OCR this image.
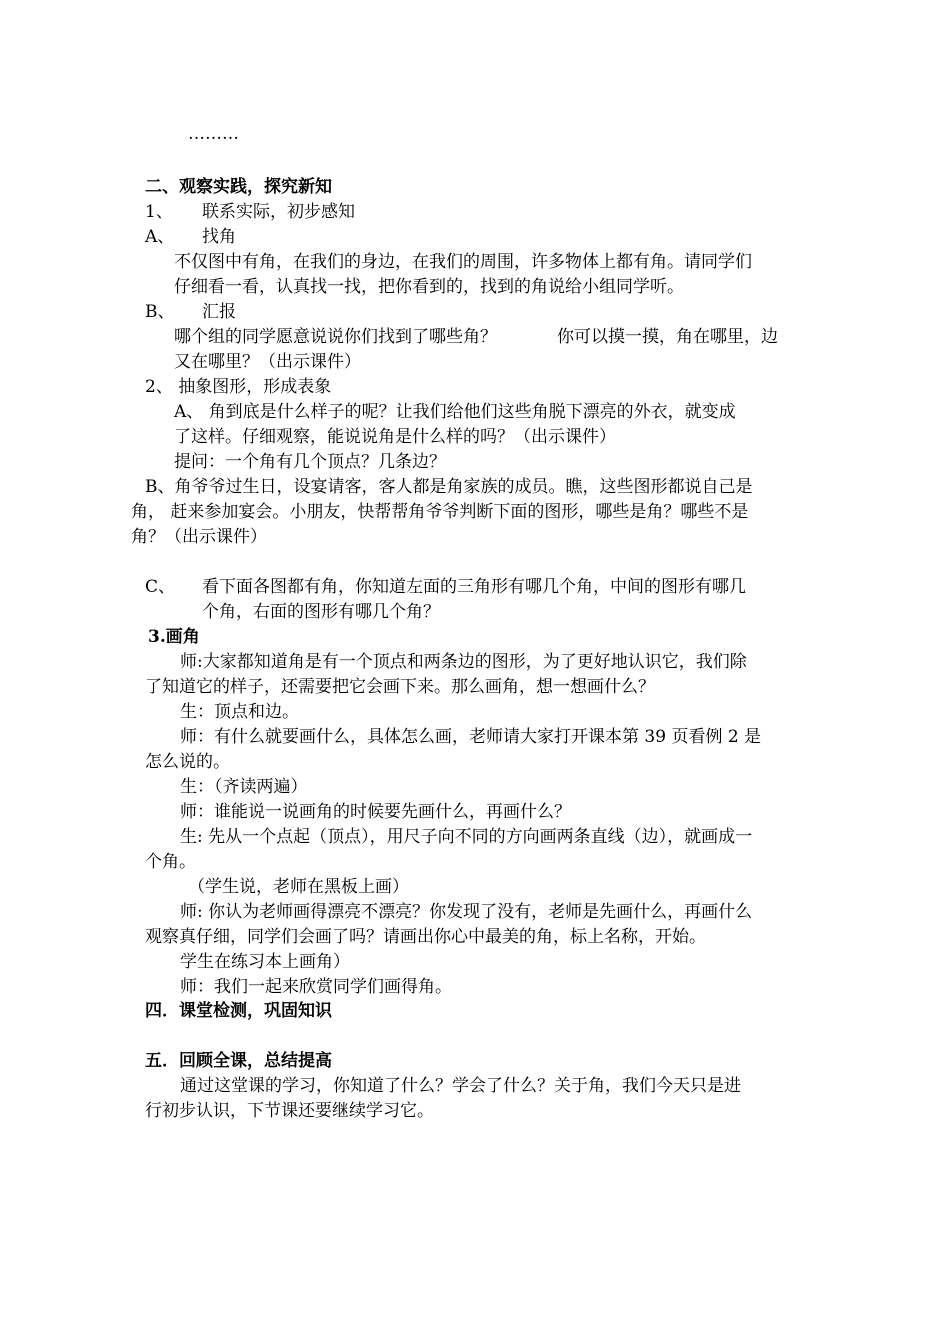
………
二、观察实践，探究新知
1、 联系实际，初步感知
A、 找角
不仅图中有角，在我们的身边，在我们的周围，许多物体上都有角。请同学们
仔细看一看，认真找一找，把你看到的，找到的角说给小组同学听。
B、 汇报
哪个组的同学愿意说说你们找到了哪些角？	你可以摸一摸，角在哪里，边
又在哪里？（出示课件）
2、 抽象图形，形成表象
A、 角到底是什么样子的呢？让我们给他们这些角脱下漂亮的外衣，就变成
了这样。仔细观察，能说说角是什么样的吗？（出示课件）
提问：一个角有几个顶点？几条边？
B、角爷爷过生日，设宴请客，客人都是角家族的成员。瞧，这些图形都说自己是
角， 赶来参加宴会。小朋友，快帮帮角爷爷判断下面的图形，哪些是角？哪些不是
角？（出示课件）
C、 看下面各图都有角，你知道左面的三角形有哪几个角，中间的图形有哪几
个角，右面的图形有哪几个角？
3.画角
师:大家都知道角是有一个顶点和两条边的图形，为了更好地认识它，我们除
了知道它的样子，还需要把它会画下来。那么画角，想一想画什么？
生：顶点和边。
师：有什么就要画什么，具体怎么画，老师请大家打开课本第 39 页看例 2 是
怎么说的。
生：（齐读两遍）
师：谁能说一说画角的时候要先画什么，再画什么？
生: 先从一个点起（顶点），用尺子向不同的方向画两条直线（边），就画成一
个角。
（学生说，老师在黑板上画）
师: 你认为老师画得漂亮不漂亮？你发现了没有，老师是先画什么，再画什么
观察真仔细，同学们会画了吗？请画出你心中最美的角，标上名称，开始。
学生在练习本上画角）
师：我们一起来欣赏同学们画得角。
四．课堂检测，巩固知识
五．回顾全课，总结提高
通过这堂课的学习，你知道了什么？学会了什么？关于角，我们今天只是进
行初步认识，下节课还要继续学习它。
